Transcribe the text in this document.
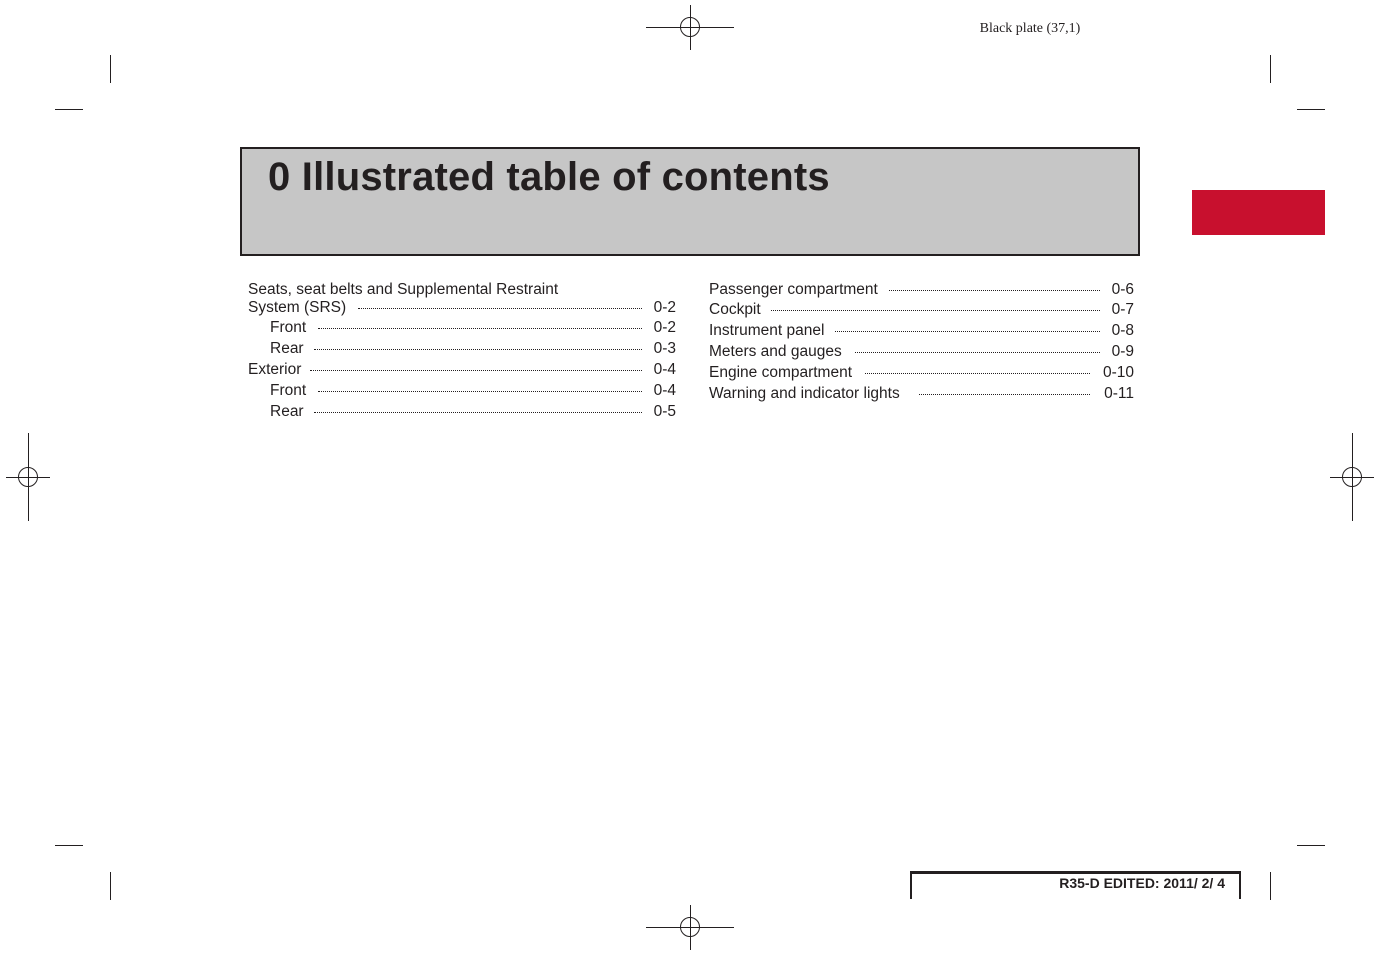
Black plate (37,1)
0 Illustrated table of contents
Seats, seat belts and Supplemental Restraint
System (SRS)	0-2
Front	0-2
Rear	0-3
Exterior	0-4
Front	0-4
Rear	0-5
Passenger compartment	0-6
Cockpit	0-7
Instrument panel	0-8
Meters and gauges	0-9
Engine compartment	0-10
Warning and indicator lights	0-11
R35-D EDITED: 2011/ 2/ 4
